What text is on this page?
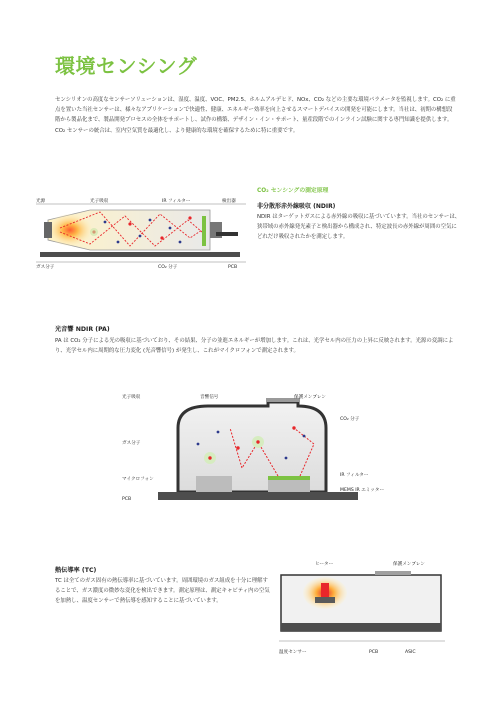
環境センシング

センシリオンの高度なセンサーソリューションは、湿度、温度、VOC、PM2.5、ホルムアルデヒド、NOx、CO₂ などの主要な環境パラメータを監視します。CO₂ に重点を置いた当社センサーは、様々なアプリケーションで快適性、健康、エネルギー効率を向上させるスマートデバイスの開発を可能にします。当社は、初期の構想段階から製品化まで、製品開発プロセスの全体をサポートし、試作の構築、デザイン・イン・サポート、量産段階でのインライン試験に関する専門知識を提供します。CO₂ センサーの統合は、室内空気質を最適化し、より健康的な環境を確保するために特に重要です。

光源	光子吸収	IR フィルター	検出器
ガス分子	CO₂ 分子	PCB
CO₂ センシングの測定原理
非分散形赤外線吸収 (NDIR)

NDIR はターゲットガスによる赤外線の吸収に基づいています。当社のセンサーは、狭帯域の赤外線発光素子と検出器から構成され、特定波長の赤外線が周囲の空気にどれだけ吸収されたかを測定します。

光音響 NDIR (PA)

PA は CO₂ 分子による光の吸収に基づいており、その結果、分子の並進エネルギーが増加します。これは、光学セル内の圧力の上昇に反映されます。光源の変調により、光学セル内に周期的な圧力変化 (光音響信号) が発生し、これがマイクロフォンで測定されます。

光子吸収	音響信号	保護メンブレン
CO₂ 分子
ガス分子
マイクロフォン
IR フィルター
MEMS IR エミッター
PCB
熱伝導率 (TC)

TC は全てのガス固有の熱伝導率に基づいています。周囲環境のガス組成を十分に理解することで、ガス濃度の微妙な変化を検出できます。測定原理は、測定キャビティ内の空気を加熱し、温度センサーで熱伝導を感知することに基づいています。

ヒーター	保護メンブレン
温度センサー	PCB	ASIC
